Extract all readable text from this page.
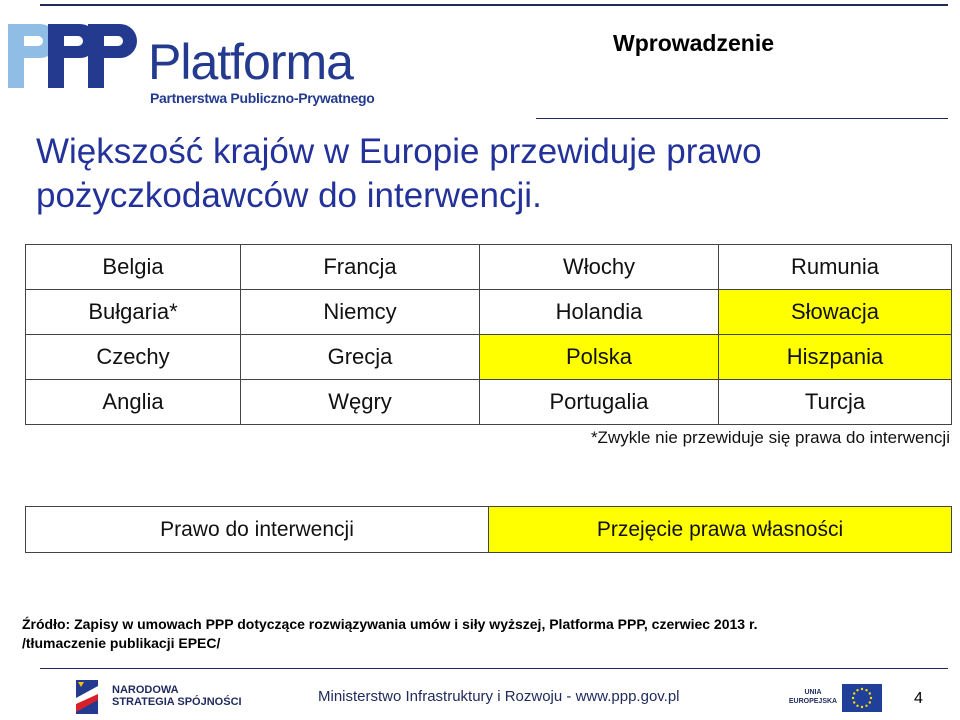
Platforma
Partnerstwa Publiczno-Prywatnego
Wprowadzenie
Większość krajów w Europie przewiduje prawo pożyczkodawców do interwencji.
Belgia	Francja	Włochy	Rumunia
Bułgaria*	Niemcy	Holandia	Słowacja
Czechy	Grecja	Polska	Hiszpania
Anglia	Węgry	Portugalia	Turcja
*Zwykle nie przewiduje się prawa do interwencji
Prawo do interwencji	Przejęcie prawa własności
Źródło: Zapisy w umowach PPP dotyczące rozwiązywania umów i siły wyższej, Platforma PPP, czerwiec 2013 r.
/tłumaczenie publikacji EPEC/
NARODOWA
STRATEGIA SPÓJNOŚCI	Ministerstwo Infrastruktury i Rozwoju - www.ppp.gov.pl	UNIA
EUROPEJSKA	4
